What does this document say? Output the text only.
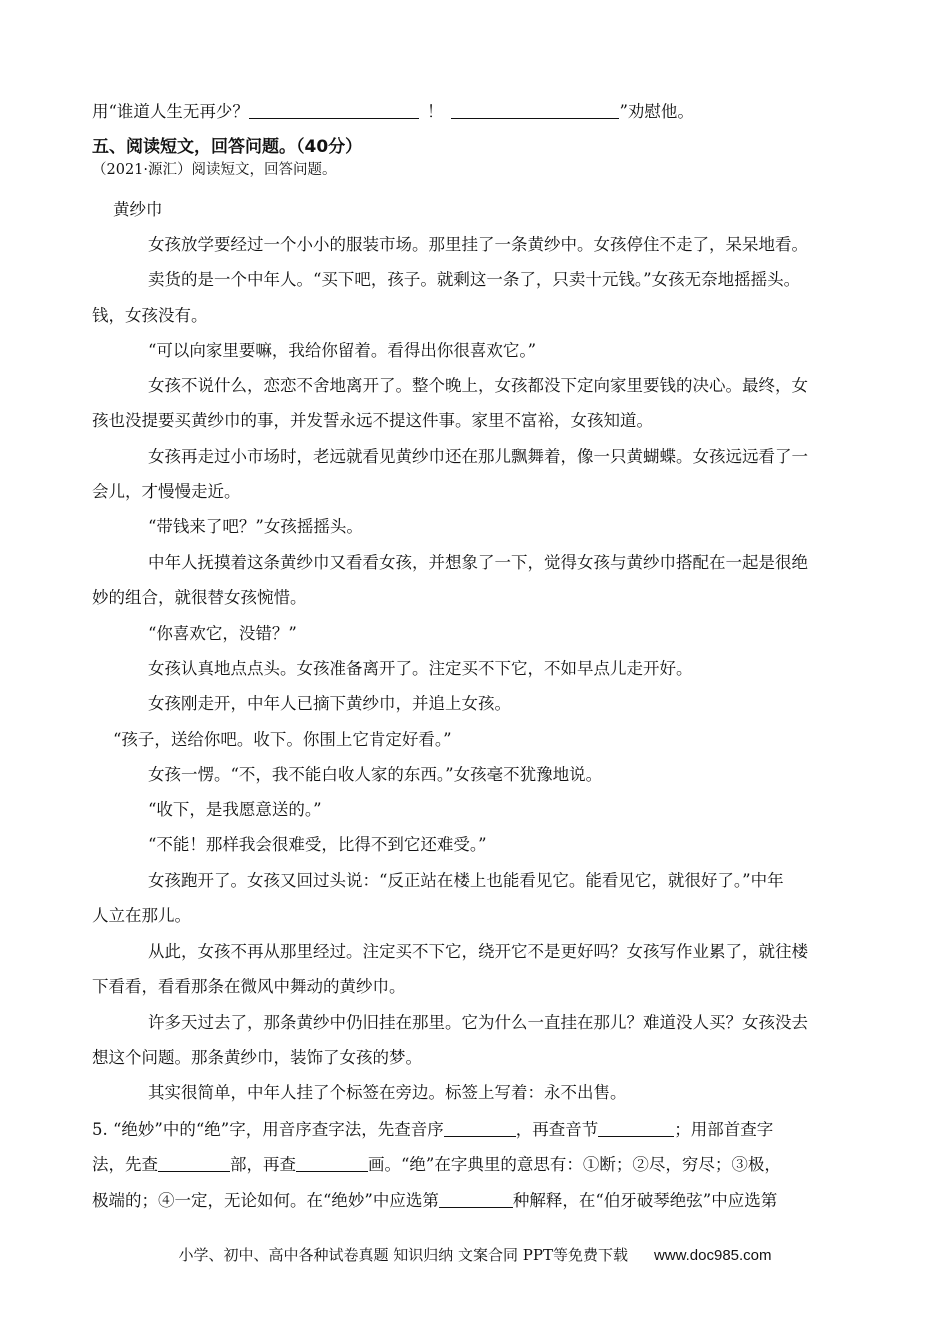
用“谁道人生无再少？	！	”劝慰他。
五、阅读短文，回答问题。（40分）
（2021·源汇）阅读短文，回答问题。
黄纱巾
女孩放学要经过一个小小的服装市场。那里挂了一条黄纱中。女孩停住不走了，呆呆地看。
卖货的是一个中年人。“买下吧，孩子。就剩这一条了，只卖十元钱。”女孩无奈地摇摇头。
钱，女孩没有。
“可以向家里要嘛，我给你留着。看得出你很喜欢它。”
女孩不说什么，恋恋不舍地离开了。整个晚上，女孩都没下定向家里要钱的决心。最终，女
孩也没提要买黄纱巾的事，并发誓永远不提这件事。家里不富裕，女孩知道。
女孩再走过小市场时，老远就看见黄纱巾还在那儿飘舞着，像一只黄蝴蝶。女孩远远看了一
会儿，才慢慢走近。
“带钱来了吧？”女孩摇摇头。
中年人抚摸着这条黄纱巾又看看女孩，并想象了一下，觉得女孩与黄纱巾搭配在一起是很绝
妙的组合，就很替女孩惋惜。
“你喜欢它，没错？”
女孩认真地点点头。女孩准备离开了。注定买不下它，不如早点儿走开好。
女孩刚走开，中年人已摘下黄纱巾，并追上女孩。
“孩子，送给你吧。收下。你围上它肯定好看。”
女孩一愣。“不，我不能白收人家的东西。”女孩毫不犹豫地说。
“收下，是我愿意送的。”
“不能！那样我会很难受，比得不到它还难受。”
女孩跑开了。女孩又回过头说：“反正站在楼上也能看见它。能看见它，就很好了。”中年
人立在那儿。
从此，女孩不再从那里经过。注定买不下它，绕开它不是更好吗？女孩写作业累了，就往楼
下看看，看看那条在微风中舞动的黄纱巾。
许多天过去了，那条黄纱中仍旧挂在那里。它为什么一直挂在那儿？难道没人买？女孩没去
想这个问题。那条黄纱巾，装饰了女孩的梦。
其实很简单，中年人挂了个标签在旁边。标签上写着：永不出售。
5. “绝妙”中的“绝”字，用音序查字法，先查音序	，再查音节	；用部首查字
法，先查	部，再查	画。“绝”在字典里的意思有：①断；②尽，穷尽；③极，
极端的；④一定，无论如何。在“绝妙”中应选第	种解释，在“伯牙破琴绝弦”中应选第
小学、初中、高中各种试卷真题 知识归纳 文案合同 PPT等免费下载 www.doc985.com
